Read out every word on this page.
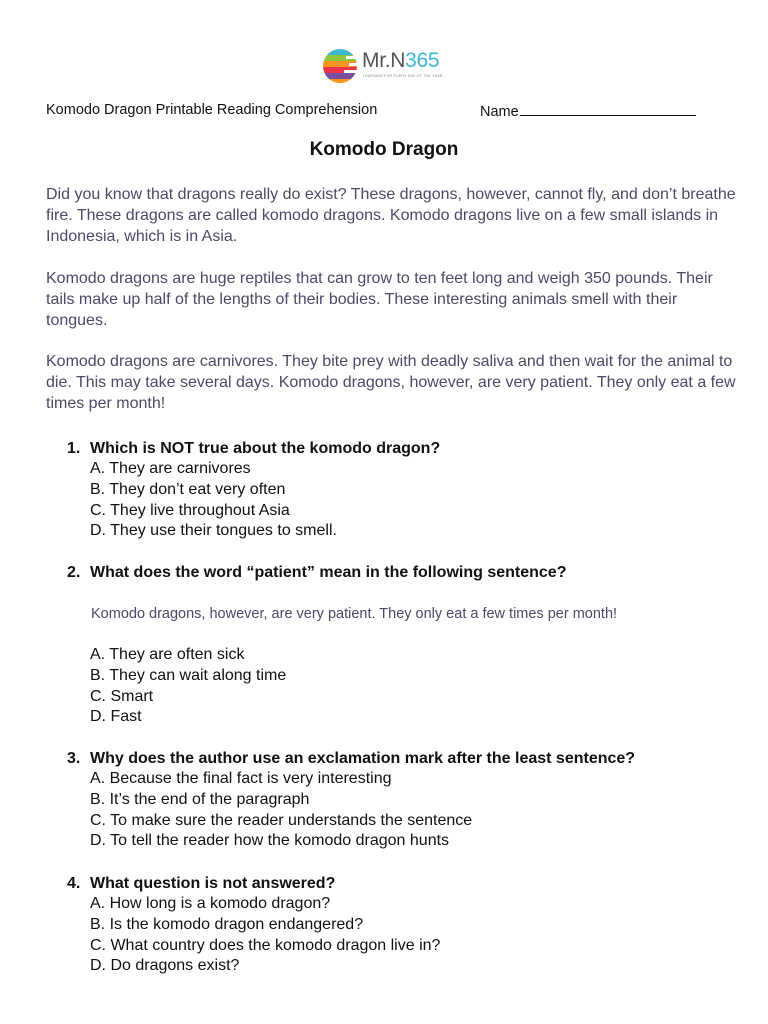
Mr.N365
LEARNING FOR EVERY DAY OF THE YEAR
Komodo Dragon Printable Reading Comprehension	Name
Komodo Dragon

Did you know that dragons really do exist? These dragons, however, cannot fly, and don’t breathe fire. These dragons are called komodo dragons. Komodo dragons live on a few small islands in Indonesia, which is in Asia.

Komodo dragons are huge reptiles that can grow to ten feet long and weigh 350 pounds. Their tails make up half of the lengths of their bodies. These interesting animals smell with their tongues.

Komodo dragons are carnivores. They bite prey with deadly saliva and then wait for the animal to die. This may take several days. Komodo dragons, however, are very patient. They only eat a few times per month!

1. Which is NOT true about the komodo dragon?
A. They are carnivores
B. They don’t eat very often
C. They live throughout Asia
D. They use their tongues to smell.
2. What does the word “patient” mean in the following sentence?
Komodo dragons, however, are very patient. They only eat a few times per month!
A. They are often sick
B. They can wait along time
C. Smart
D. Fast
3. Why does the author use an exclamation mark after the least sentence?
A. Because the final fact is very interesting
B. It’s the end of the paragraph
C. To make sure the reader understands the sentence
D. To tell the reader how the komodo dragon hunts
4. What question is not answered?
A. How long is a komodo dragon?
B. Is the komodo dragon endangered?
C. What country does the komodo dragon live in?
D. Do dragons exist?
